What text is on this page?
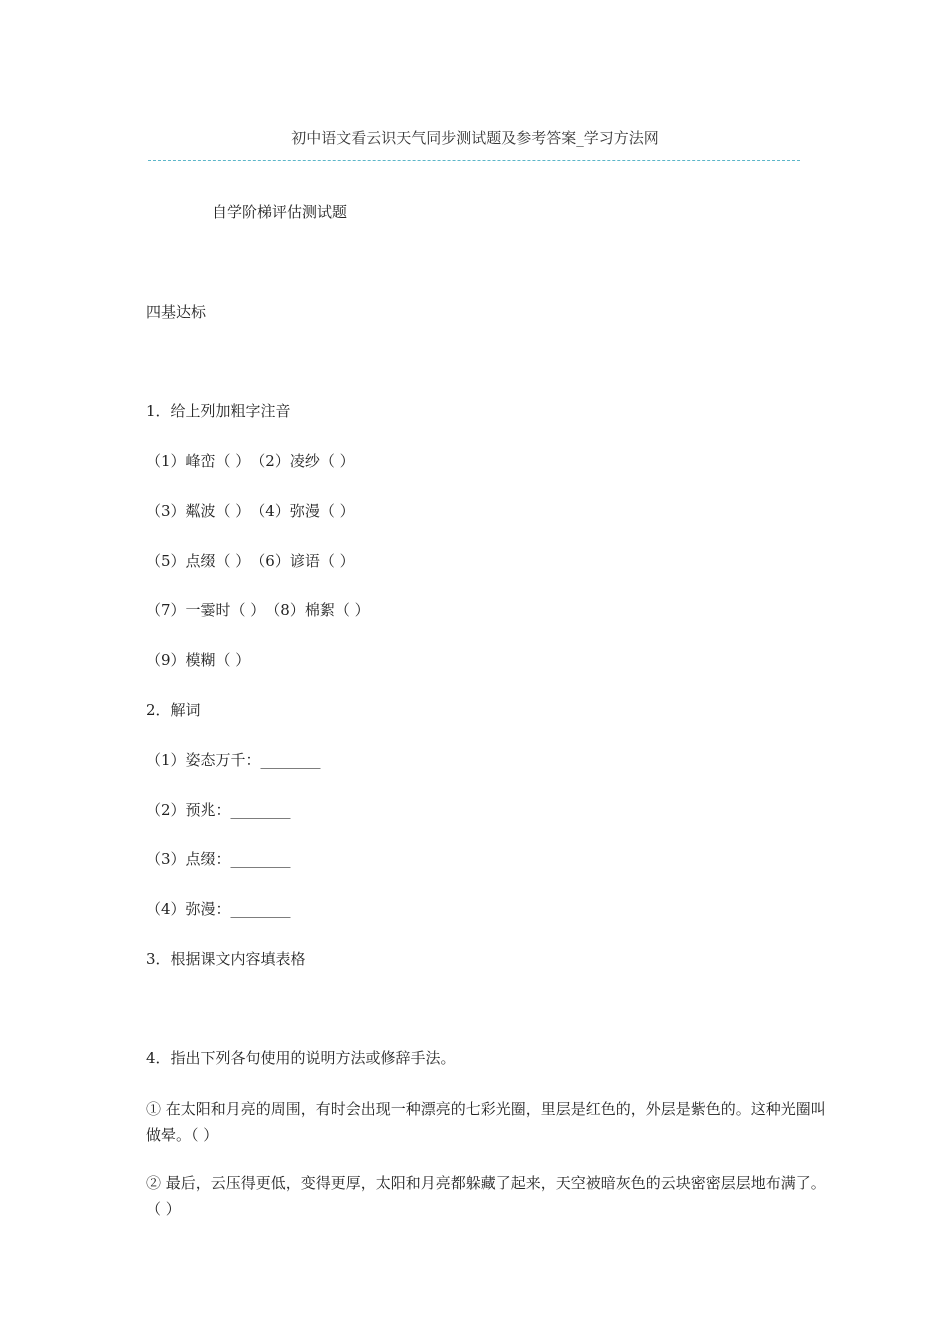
初中语文看云识天气同步测试题及参考答案_学习方法网
自学阶梯评估测试题
四基达标
1．给上列加粗字注音
（1）峰峦（ ）　（2）凌纱（ ）
（3）粼波（ ）　（4）弥漫（ ）
（5）点缀（ ）　（6）谚语（ ）
（7）一霎时（ ）　（8）棉絮（ ）
（9）模糊（ ）
2．解词
（1）姿态万千：________
（2）预兆：________
（3）点缀：________
（4）弥漫：________
3．根据课文内容填表格
4．指出下列各句使用的说明方法或修辞手法。
① 在太阳和月亮的周围，有时会出现一种漂亮的七彩光圈，里层是红色的，外层是紫色的。这种光圈叫做晕。（ ）
② 最后，云压得更低，变得更厚，太阳和月亮都躲藏了起来，天空被暗灰色的云块密密层层地布满了。（ ）
